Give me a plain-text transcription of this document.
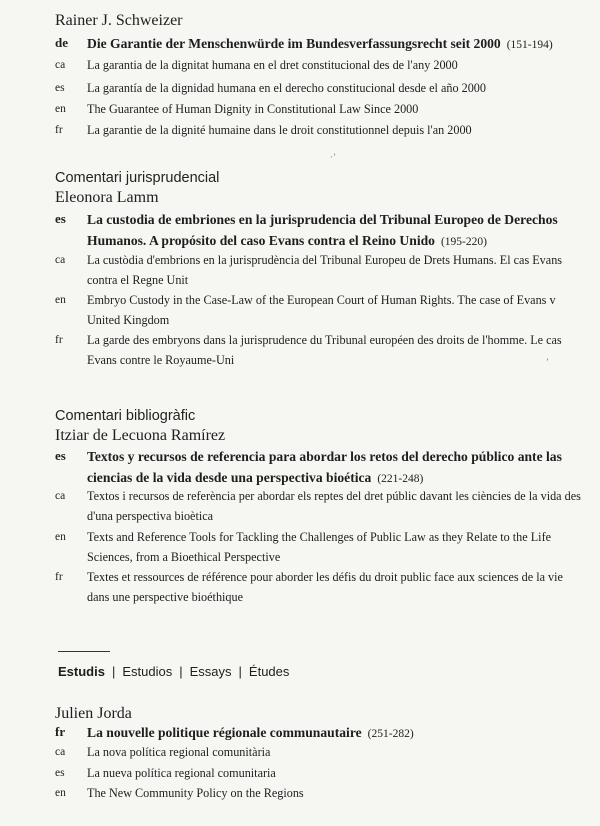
Rainer J. Schweizer
de Die Garantie der Menschenwürde im Bundesverfassungsrecht seit 2000 (151-194)
ca La garantia de la dignitat humana en el dret constitucional des de l'any 2000
es La garantía de la dignidad humana en el derecho constitucional desde el año 2000
en The Guarantee of Human Dignity in Constitutional Law Since 2000
fr La garantie de la dignité humaine dans le droit constitutionnel depuis l'an 2000
Comentari jurisprudencial
Eleonora Lamm
es La custodia de embriones en la jurisprudencia del Tribunal Europeo de Derechos Humanos. A propósito del caso Evans contra el Reino Unido (195-220)
ca La custòdia d'embrions en la jurisprudència del Tribunal Europeu de Drets Humans. El cas Evans contra el Regne Unit
en Embryo Custody in the Case-Law of the European Court of Human Rights. The case of Evans v United Kingdom
fr La garde des embryons dans la jurisprudence du Tribunal européen des droits de l'homme. Le cas Evans contre le Royaume-Uni
Comentari bibliogràfic
Itziar de Lecuona Ramírez
es Textos y recursos de referencia para abordar los retos del derecho público ante las ciencias de la vida desde una perspectiva bioética (221-248)
ca Textos i recursos de referència per abordar els reptes del dret públic davant les ciències de la vida des d'una perspectiva bioètica
en Texts and Reference Tools for Tackling the Challenges of Public Law as they Relate to the Life Sciences, from a Bioethical Perspective
fr Textes et ressources de référence pour aborder les défis du droit public face aux sciences de la vie dans une perspective bioéthique
Estudis | Estudios | Essays | Études
Julien Jorda
fr La nouvelle politique régionale communautaire (251-282)
ca La nova política regional comunitària
es La nueva política regional comunitaria
en The New Community Policy on the Regions
·ʼ
ʼ
